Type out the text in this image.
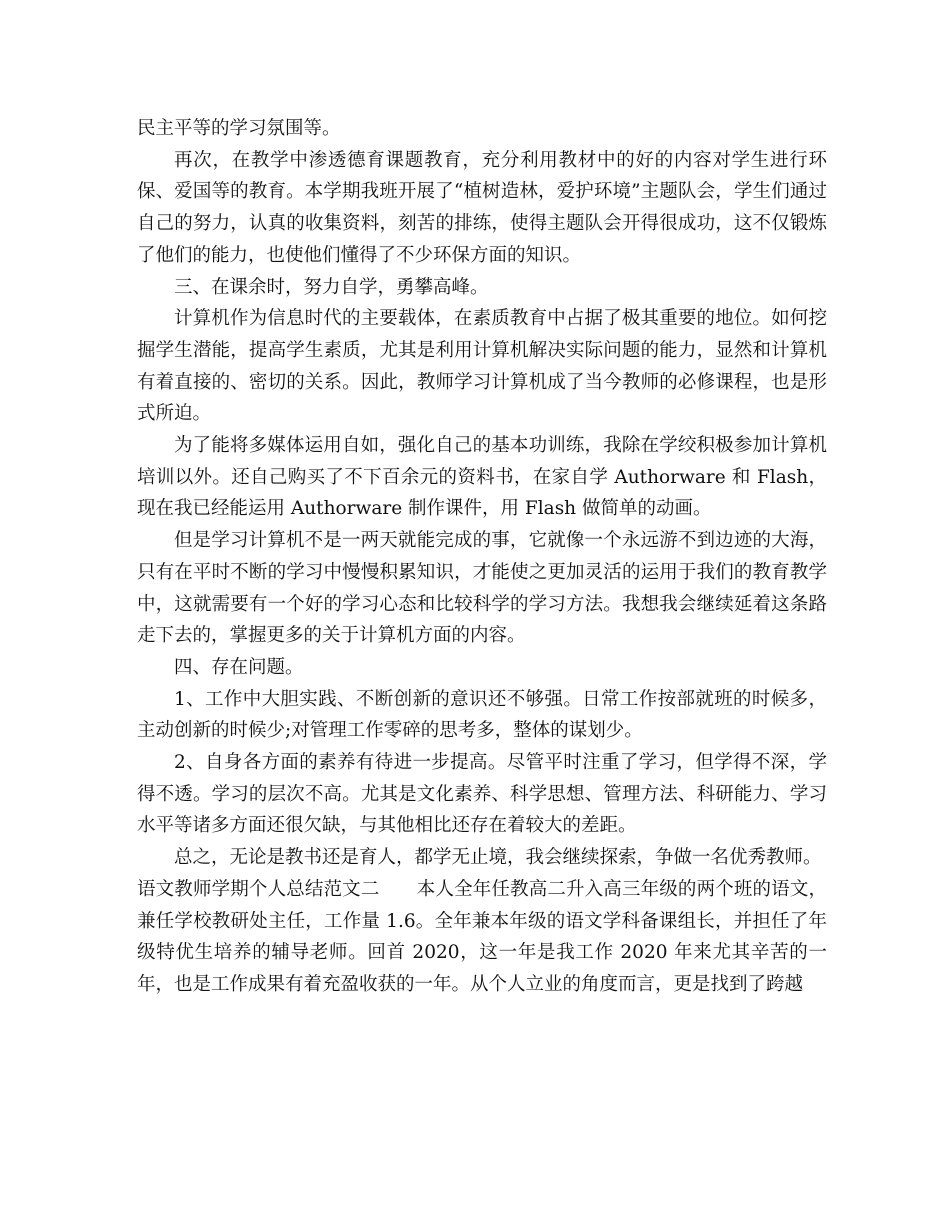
民主平等的学习氛围等。

再次，在教学中渗透德育课题教育，充分利用教材中的好的内容对学生进行环保、爱国等的教育。本学期我班开展了“植树造林，爱护环境”主题队会，学生们通过自己的努力，认真的收集资料，刻苦的排练，使得主题队会开得很成功，这不仅锻炼了他们的能力，也使他们懂得了不少环保方面的知识。

三、在课余时，努力自学，勇攀高峰。

计算机作为信息时代的主要载体，在素质教育中占据了极其重要的地位。如何挖掘学生潜能，提高学生素质，尤其是利用计算机解决实际问题的能力，显然和计算机有着直接的、密切的关系。因此，教师学习计算机成了当今教师的必修课程，也是形式所迫。

为了能将多媒体运用自如，强化自己的基本功训练，我除在学绞积极参加计算机培训以外。还自己购买了不下百余元的资料书，在家自学 Authorware 和 Flash，现在我已经能运用 Authorware 制作课件，用 Flash 做简单的动画。

但是学习计算机不是一两天就能完成的事，它就像一个永远游不到边迹的大海，只有在平时不断的学习中慢慢积累知识，才能使之更加灵活的运用于我们的教育教学中，这就需要有一个好的学习心态和比较科学的学习方法。我想我会继续延着这条路走下去的，掌握更多的关于计算机方面的内容。

四、存在问题。

1、工作中大胆实践、不断创新的意识还不够强。日常工作按部就班的时候多，主动创新的时候少;对管理工作零碎的思考多，整体的谋划少。

2、自身各方面的素养有待进一步提高。尽管平时注重了学习，但学得不深，学得不透。学习的层次不高。尤其是文化素养、科学思想、管理方法、科研能力、学习水平等诸多方面还很欠缺，与其他相比还存在着较大的差距。

总之，无论是教书还是育人，都学无止境，我会继续探索，争做一名优秀教师。

语文教师学期个人总结范文二　　本人全年任教高二升入高三年级的两个班的语文，兼任学校教研处主任，工作量 1.6。全年兼本年级的语文学科备课组长，并担任了年级特优生培养的辅导老师。回首 2020，这一年是我工作 2020 年来尤其辛苦的一年，也是工作成果有着充盈收获的一年。从个人立业的角度而言，更是找到了跨越
